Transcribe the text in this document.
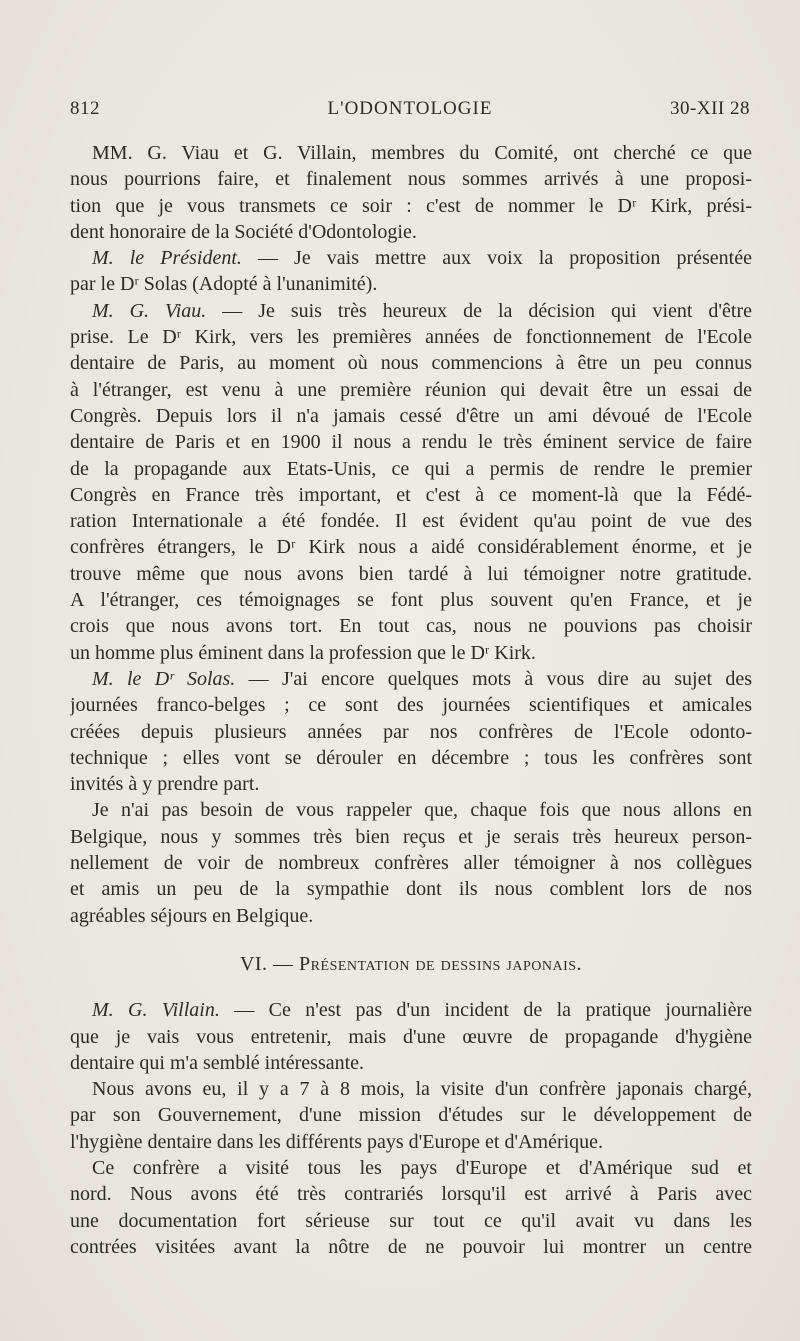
812	L'ODONTOLOGIE	30-XII 28
MM. G. Viau et G. Villain, membres du Comité, ont cherché ce que
nous pourrions faire, et finalement nous sommes arrivés à une proposi-
tion que je vous transmets ce soir : c'est de nommer le Dʳ Kirk, prési-
dent honoraire de la Société d'Odontologie.
M. le Président. — Je vais mettre aux voix la proposition présentée
par le Dʳ Solas (Adopté à l'unanimité).
M. G. Viau. — Je suis très heureux de la décision qui vient d'être
prise. Le Dʳ Kirk, vers les premières années de fonctionnement de l'Ecole
dentaire de Paris, au moment où nous commencions à être un peu connus
à l'étranger, est venu à une première réunion qui devait être un essai de
Congrès. Depuis lors il n'a jamais cessé d'être un ami dévoué de l'Ecole
dentaire de Paris et en 1900 il nous a rendu le très éminent service de faire
de la propagande aux Etats-Unis, ce qui a permis de rendre le premier
Congrès en France très important, et c'est à ce moment-là que la Fédé-
ration Internationale a été fondée. Il est évident qu'au point de vue des
confrères étrangers, le Dʳ Kirk nous a aidé considérablement énorme, et je
trouve même que nous avons bien tardé à lui témoigner notre gratitude.
A l'étranger, ces témoignages se font plus souvent qu'en France, et je
crois que nous avons tort. En tout cas, nous ne pouvions pas choisir
un homme plus éminent dans la profession que le Dʳ Kirk.
M. le Dʳ Solas. — J'ai encore quelques mots à vous dire au sujet des
journées franco-belges ; ce sont des journées scientifiques et amicales
créées depuis plusieurs années par nos confrères de l'Ecole odonto-
technique ; elles vont se dérouler en décembre ; tous les confrères sont
invités à y prendre part.
Je n'ai pas besoin de vous rappeler que, chaque fois que nous allons en
Belgique, nous y sommes très bien reçus et je serais très heureux person-
nellement de voir de nombreux confrères aller témoigner à nos collègues
et amis un peu de la sympathie dont ils nous comblent lors de nos
agréables séjours en Belgique.
VI. — Présentation de dessins japonais.
M. G. Villain. — Ce n'est pas d'un incident de la pratique journalière
que je vais vous entretenir, mais d'une œuvre de propagande d'hygiène
dentaire qui m'a semblé intéressante.
Nous avons eu, il y a 7 à 8 mois, la visite d'un confrère japonais chargé,
par son Gouvernement, d'une mission d'études sur le développement de
l'hygiène dentaire dans les différents pays d'Europe et d'Amérique.
Ce confrère a visité tous les pays d'Europe et d'Amérique sud et
nord. Nous avons été très contrariés lorsqu'il est arrivé à Paris avec
une documentation fort sérieuse sur tout ce qu'il avait vu dans les
contrées visitées avant la nôtre de ne pouvoir lui montrer un centre
